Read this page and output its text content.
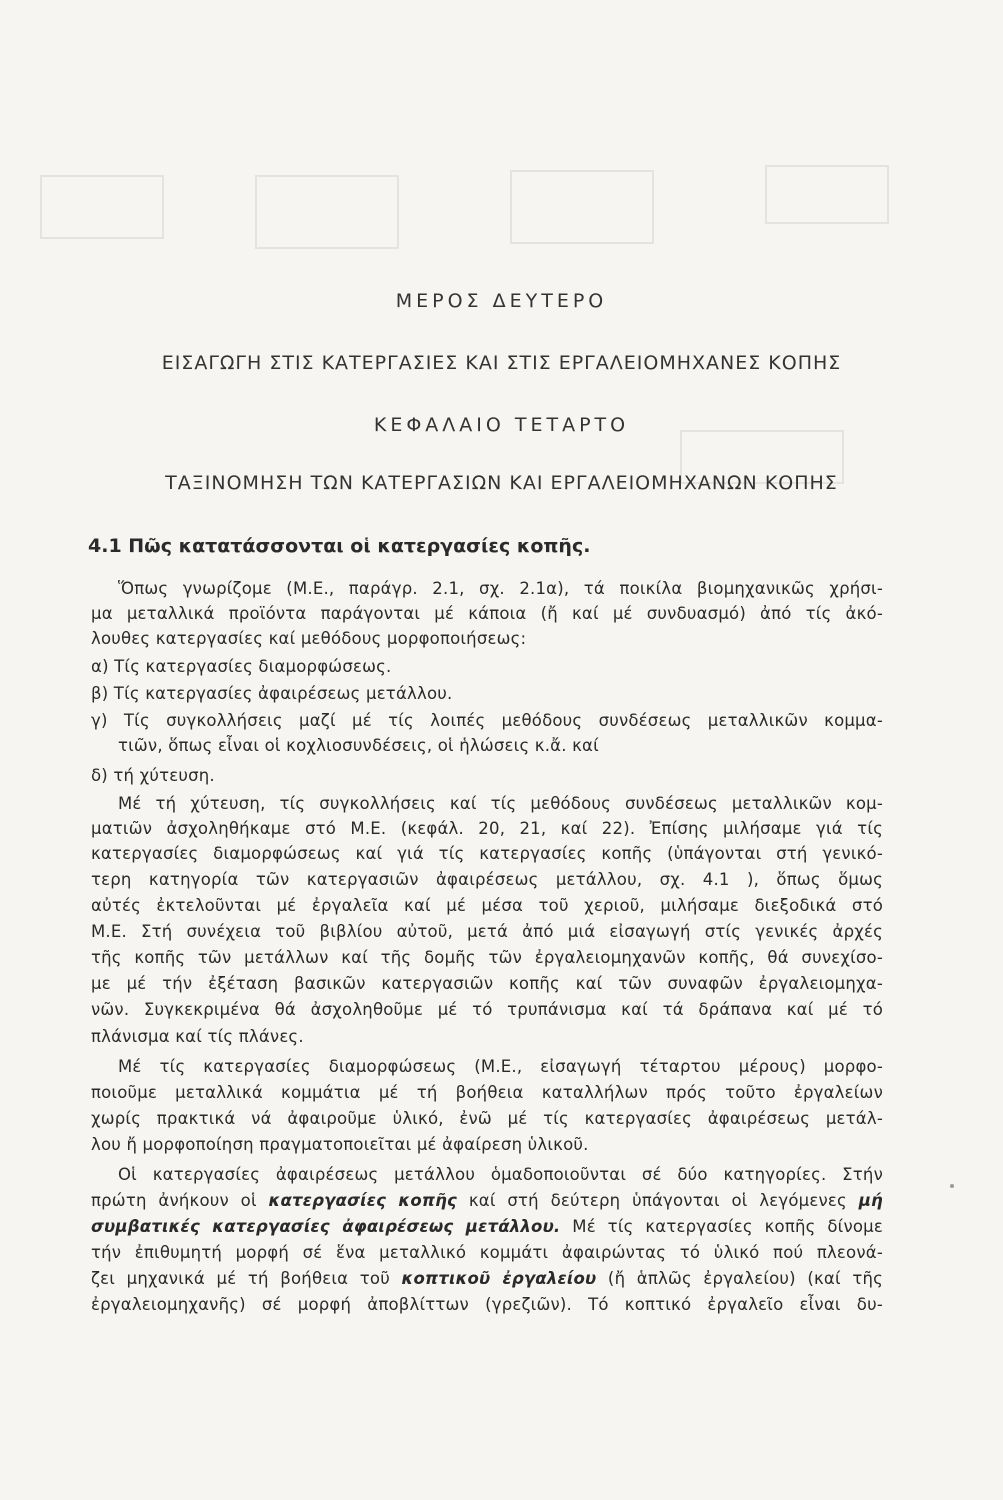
ΜΕΡΟΣ ΔΕΥΤΕΡΟ
ΕΙΣΑΓΩΓΗ ΣΤΙΣ ΚΑΤΕΡΓΑΣΙΕΣ ΚΑΙ ΣΤΙΣ ΕΡΓΑΛΕΙΟΜΗΧΑΝΕΣ ΚΟΠΗΣ
ΚΕΦΑΛΑΙΟ ΤΕΤΑΡΤΟ
ΤΑΞΙΝΟΜΗΣΗ ΤΩΝ ΚΑΤΕΡΓΑΣΙΩΝ ΚΑΙ ΕΡΓΑΛΕΙΟΜΗΧΑΝΩΝ ΚΟΠΗΣ
4.1 Πῶς κατατάσσονται οἱ κατεργασίες κοπῆς.
Ὅπως γνωρίζομε (Μ.Ε., παράγρ. 2.1, σχ. 2.1α), τά ποικίλα βιομηχανικῶς χρήσι-
μα μεταλλικά προϊόντα παράγονται μέ κάποια (ἤ καί μέ συνδυασμό) ἀπό τίς ἀκό-
λουθες κατεργασίες καί μεθόδους μορφοποιήσεως:
α) Τίς κατεργασίες διαμορφώσεως.
β) Τίς κατεργασίες ἀφαιρέσεως μετάλλου.
γ) Τίς συγκολλήσεις μαζί μέ τίς λοιπές μεθόδους συνδέσεως μεταλλικῶν κομμα-
τιῶν, ὅπως εἶναι οἱ κοχλιοσυνδέσεις, οἱ ἡλώσεις κ.ἄ. καί
δ) τή χύτευση.
Μέ τή χύτευση, τίς συγκολλήσεις καί τίς μεθόδους συνδέσεως μεταλλικῶν κομ-
ματιῶν ἀσχοληθήκαμε στό Μ.Ε. (κεφάλ. 20, 21, καί 22). Ἐπίσης μιλήσαμε γιά τίς
κατεργασίες διαμορφώσεως καί γιά τίς κατεργασίες κοπῆς (ὑπάγονται στή γενικό-
τερη κατηγορία τῶν κατεργασιῶν ἀφαιρέσεως μετάλλου, σχ. 4.1 ), ὅπως ὅμως
αὐτές ἐκτελοῦνται μέ ἐργαλεῖα καί μέ μέσα τοῦ χεριοῦ, μιλήσαμε διεξοδικά στό
Μ.Ε. Στή συνέχεια τοῦ βιβλίου αὐτοῦ, μετά ἀπό μιά εἰσαγωγή στίς γενικές ἀρχές
τῆς κοπῆς τῶν μετάλλων καί τῆς δομῆς τῶν ἐργαλειομηχανῶν κοπῆς, θά συνεχίσο-
με μέ τήν ἐξέταση βασικῶν κατεργασιῶν κοπῆς καί τῶν συναφῶν ἐργαλειομηχα-
νῶν. Συγκεκριμένα θά ἀσχοληθοῦμε μέ τό τρυπάνισμα καί τά δράπανα καί μέ τό
πλάνισμα καί τίς πλάνες.
Μέ τίς κατεργασίες διαμορφώσεως (Μ.Ε., εἰσαγωγή τέταρτου μέρους) μορφο-
ποιοῦμε μεταλλικά κομμάτια μέ τή βοήθεια καταλλήλων πρός τοῦτο ἐργαλείων
χωρίς πρακτικά νά ἀφαιροῦμε ὑλικό, ἐνῶ μέ τίς κατεργασίες ἀφαιρέσεως μετάλ-
λου ἤ μορφοποίηση πραγματοποιεῖται μέ ἀφαίρεση ὑλικοῦ.
Οἱ κατεργασίες ἀφαιρέσεως μετάλλου ὁμαδοποιοῦνται σέ δύο κατηγορίες. Στήν
πρώτη ἀνήκουν οἱ κατεργασίες κοπῆς καί στή δεύτερη ὑπάγονται οἱ λεγόμενες μή
συμβατικές κατεργασίες ἀφαιρέσεως μετάλλου. Μέ τίς κατεργασίες κοπῆς δίνομε
τήν ἐπιθυμητή μορφή σέ ἕνα μεταλλικό κομμάτι ἀφαιρώντας τό ὑλικό πού πλεονά-
ζει μηχανικά μέ τή βοήθεια τοῦ κοπτικοῦ ἐργαλείου (ἤ ἁπλῶς ἐργαλείου) (καί τῆς
ἐργαλειομηχανῆς) σέ μορφή ἀποβλίττων (γρεζιῶν). Τό κοπτικό ἐργαλεῖο εἶναι δυ-
